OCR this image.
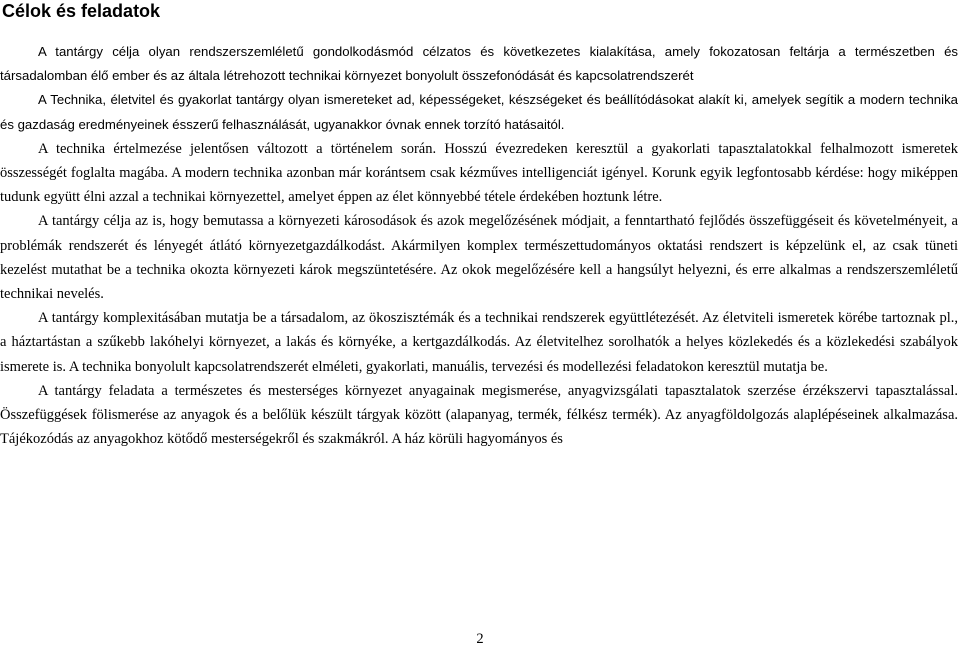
Célok és feladatok

A tantárgy célja olyan rendszerszemléletű gondolkodásmód célzatos és következetes kialakítása, amely fokozatosan feltárja a természetben és társadalomban élő ember és az általa létrehozott technikai környezet bonyolult összefonódását és kapcsolatrendszerét

A Technika, életvitel és gyakorlat tantárgy olyan ismereteket ad, képességeket, készségeket és beállítódásokat alakít ki, amelyek segítik a modern technika és gazdaság eredményeinek ésszerű felhasználását, ugyanakkor óvnak ennek torzító hatásaitól.

A technika értelmezése jelentősen változott a történelem során. Hosszú évezredeken keresztül a gyakorlati tapasztalatokkal felhalmozott ismeretek összességét foglalta magába. A modern technika azonban már korántsem csak kézműves intelligenciát igényel. Korunk egyik legfontosabb kérdése: hogy miképpen tudunk együtt élni azzal a technikai környezettel, amelyet éppen az élet könnyebbé tétele érdekében hoztunk létre.

A tantárgy célja az is, hogy bemutassa a környezeti károsodások és azok megelőzésének módjait, a fenntartható fejlődés összefüggéseit és követelményeit, a problémák rendszerét és lényegét átlátó környezetgazdálkodást. Akármilyen komplex természettudományos oktatási rendszert is képzelünk el, az csak tüneti kezelést mutathat be a technika okozta környezeti károk megszüntetésére. Az okok megelőzésére kell a hangsúlyt helyezni, és erre alkalmas a rendszerszemléletű technikai nevelés.

A tantárgy komplexitásában mutatja be a társadalom, az ökoszisztémák és a technikai rendszerek együttlétezését. Az életviteli ismeretek körébe tartoznak pl., a háztartástan a szűkebb lakóhelyi környezet, a lakás és környéke, a kertgazdálkodás. Az életvitelhez sorolhatók a helyes közlekedés és a közlekedési szabályok ismerete is. A technika bonyolult kapcsolatrendszerét elméleti, gyakorlati, manuális, tervezési és modellezési feladatokon keresztül mutatja be.

A tantárgy feladata a természetes és mesterséges környezet anyagainak megismerése, anyagvizsgálati tapasztalatok szerzése érzékszervi tapasztalással. Összefüggések fölismerése az anyagok és a belőlük készült tárgyak között (alapanyag, termék, félkész termék). Az anyagföldolgozás alaplépéseinek alkalmazása. Tájékozódás az anyagokhoz kötődő mesterségekről és szakmákról. A ház körüli hagyományos és

2
